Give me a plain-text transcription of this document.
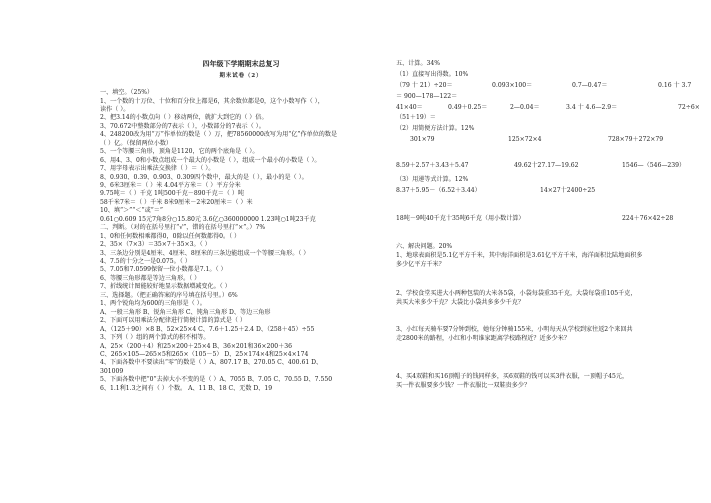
四年级下学期期末总复习
期末试卷（2）
一、填空。（25%）
1、一个数的十万位、十位和百分位上都是6，其余数位都是0，这个小数写作（ ），
读作（ ）。
2、把3.14的小数点向（ ）移动两位，就扩大到它的（ ）倍。
3、70.672中整数部分的7表示（ ），小数部分的7表示（ ）。
4、248200改为用“万”作单位的数是（ ）万，把78560000改写为用“亿”作单位的数是
（ ）亿。（保留两位小数）
5、一个等腰三角形，顶角是1120，它的两个底角是（ ）。
6、用4、3、0和小数点组成一个最大的小数是（ ），组成一个最小的小数是（ ）。
7、用字母表示出乘法交换律（ ）＝（ ）。
8、0.930、0.39、0.903、0.309四个数中，最大的是（ ），最小的是（ ）。
9、6米3厘米＝（ ）米 4.04平方米＝（ ）平方分米
9.75吨＝（ ）千克 1吨500千克－890千克＝（ ）吨
58千米7米＝（ ）千米 8米9厘米－2米20厘米＝（ ）米
10、填“＞”“＜”或“＝”
0.61○0.609 15元7角8分○15.80元 3.6亿○360000000 1.23吨○1吨23千克
二、判断。（对的在括号里打“√”，错的在括号里打“×”。）7%
1、0和任何数相乘都得0，0除以任何数都得0。（ ）
2、35×（7×3）＝35×7＋35×3。（ ）
3、三条边分别是4厘米、4厘米、8厘米的三条边能组成一个等腰三角形。（ ）
4、7.5的十分之一是0.075。（ ）
5、7.05和7.0599保留一位小数都是7.1。（ ）
6、等腰三角形都是等边三角形。（ ）
7、折线统计图能较好地显示数据增减变化。（ ）
三、选择题。（把正确答案的序号填在括号里。）6%
1、两个锐角均为600的三角形是（ ）。
A、一般三角形 B、锐角三角形 C、钝角三角形 D、等边三角形
2、下面可以用乘法分配律进行简便计算的算式是（ ）
A、（125＋90）×8 B、52×25×4 C、7.6＋1.25＋2.4 D、（258＋45）÷55
3、下列（ ）组的两个算式的积不相等。
A、25×（200＋4）和25×200＋25×4 B、36×201和36×200＋36
C、265×105—265×5和265×（105－5） D、25×174×4和25×4×174
4、下面各数中不要读出“零”的数是（ ）A、807.17 B、270.05 C、400.61 D、
301009
5、下面各数中把“0”去掉大小不变的是（ ）A、7055 B、7.05 C、70.55 D、7.550
6、1.1利1.3之间有（ ）个数。 A、11 B、18 C、无数 D、19
五、计算。34%
（1）直接写出得数。10%
（79 十 21）÷20＝	0.093×100＝	0.7—0.47＝	0.16 十 3.7
＝ 900—178—122＝
41×40＝	0.49＋0.25＝	2—0.04＝	3.4 十 4.6—2.9＝	72÷6×
（51＋19）＝
（2）用简便方法计算。12%
301×79	125×72×4	728×79＋272×79
8.59＋2.57＋3.43＋5.47	49.62十27.17—19.62	1546—（546—239）
（3）用递等式计算。12%
8.37＋5.95－（6.52＋3.44）	14×27十2400÷25
18吨－9吨40千克十35吨6千克（用小数计算）	224＋76×42÷28
六、解决问题。20%
1、地球表面积是5.1亿平方千米，其中海洋面积是3.61亿平方千米，海洋面积比陆地面积多
多少亿平方千米？
2、学校食堂买进大小两种包装的大米各5袋，小袋每袋重35千克，大袋每袋重105千克，
共买大米多少千克？大袋比小袋共多多少千克？
3、小红每天骑车要7分钟到校，她每分钟骑155米，小明每天从学校到家往返2个来回共
走2800米的路程，小红和小明谁家距离学校路程近？近多少米？
4、买4双鞋和买16顶帽子的钱同样多，买6双鞋的钱可以买3件衣服，一顶帽子45元，
买一件衣服要多少钱？一件衣服比一双鞋贵多少？
